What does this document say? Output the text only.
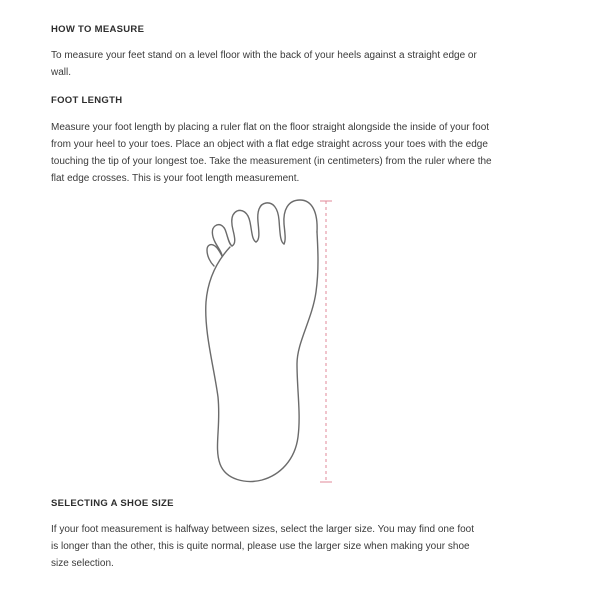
HOW TO MEASURE

To measure your feet stand on a level floor with the back of your heels against a straight edge or wall.

FOOT LENGTH

Measure your foot length by placing a ruler flat on the floor straight alongside the inside of your foot from your heel to your toes. Place an object with a flat edge straight across your toes with the edge touching the tip of your longest toe. Take the measurement (in centimeters) from the ruler where the flat edge crosses. This is your foot length measurement.

SELECTING A SHOE SIZE

If your foot measurement is halfway between sizes, select the larger size. You may find one foot is longer than the other, this is quite normal, please use the larger size when making your shoe size selection.
